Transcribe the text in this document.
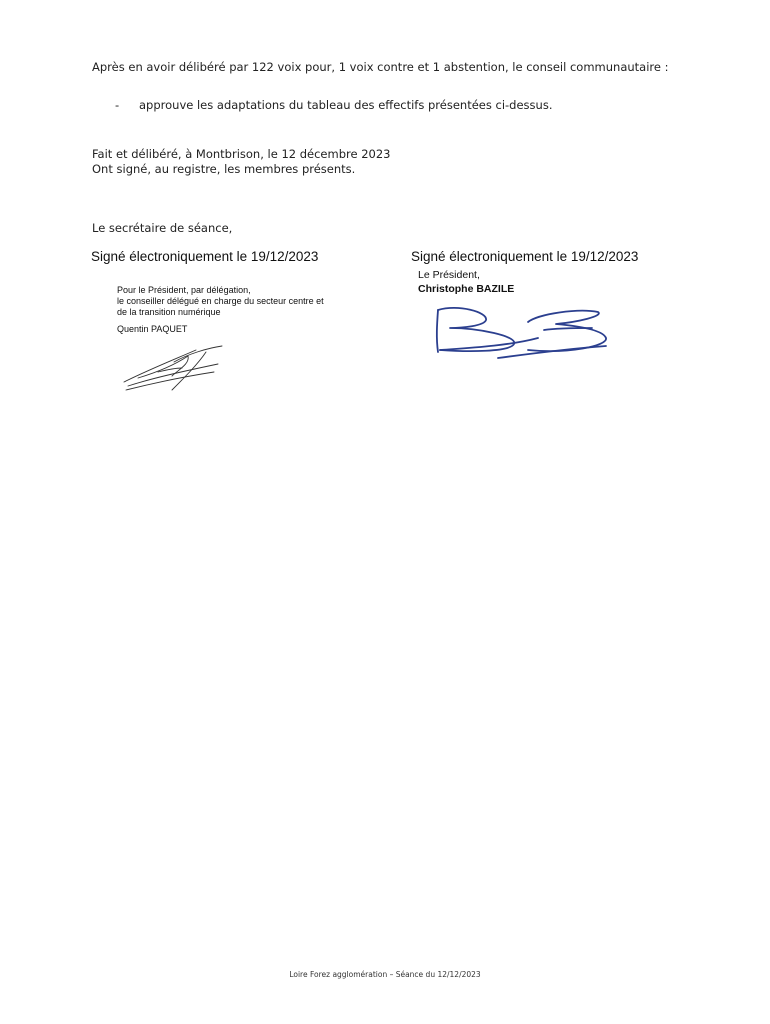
Après en avoir délibéré par 122 voix pour, 1 voix contre et 1 abstention, le conseil communautaire :
- approuve les adaptations du tableau des effectifs présentées ci-dessus.
Fait et délibéré, à Montbrison, le 12 décembre 2023
Ont signé, au registre, les membres présents.
Le secrétaire de séance,
Signé électroniquement le 19/12/2023	Signé électroniquement le 19/12/2023
Pour le Président, par délégation,
le conseiller délégué en charge du secteur centre et
de la transition numérique
Quentin PAQUET
Le Président,
Christophe BAZILE
Loire Forez agglomération – Séance du 12/12/2023
